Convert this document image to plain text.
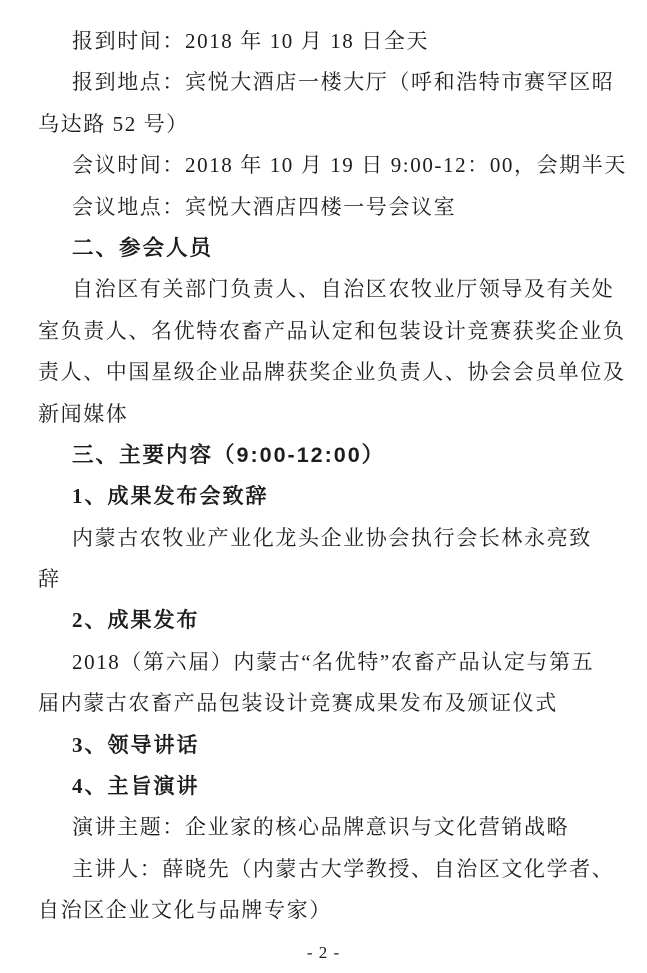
报到时间：2018 年 10 月 18 日全天
报到地点：宾悦大酒店一楼大厅（呼和浩特市赛罕区昭
乌达路 52 号）
会议时间：2018 年 10 月 19 日 9:00-12：00，会期半天
会议地点：宾悦大酒店四楼一号会议室
二、参会人员
自治区有关部门负责人、自治区农牧业厅领导及有关处
室负责人、名优特农畜产品认定和包装设计竞赛获奖企业负
责人、中国星级企业品牌获奖企业负责人、协会会员单位及
新闻媒体
三、主要内容（9:00-12:00）
1、成果发布会致辞
内蒙古农牧业产业化龙头企业协会执行会长林永亮致
辞
2、成果发布
2018（第六届）内蒙古“名优特”农畜产品认定与第五
届内蒙古农畜产品包装设计竞赛成果发布及颁证仪式
3、领导讲话
4、主旨演讲
演讲主题：企业家的核心品牌意识与文化营销战略
主讲人：薛晓先（内蒙古大学教授、自治区文化学者、
自治区企业文化与品牌专家）
- 2 -
